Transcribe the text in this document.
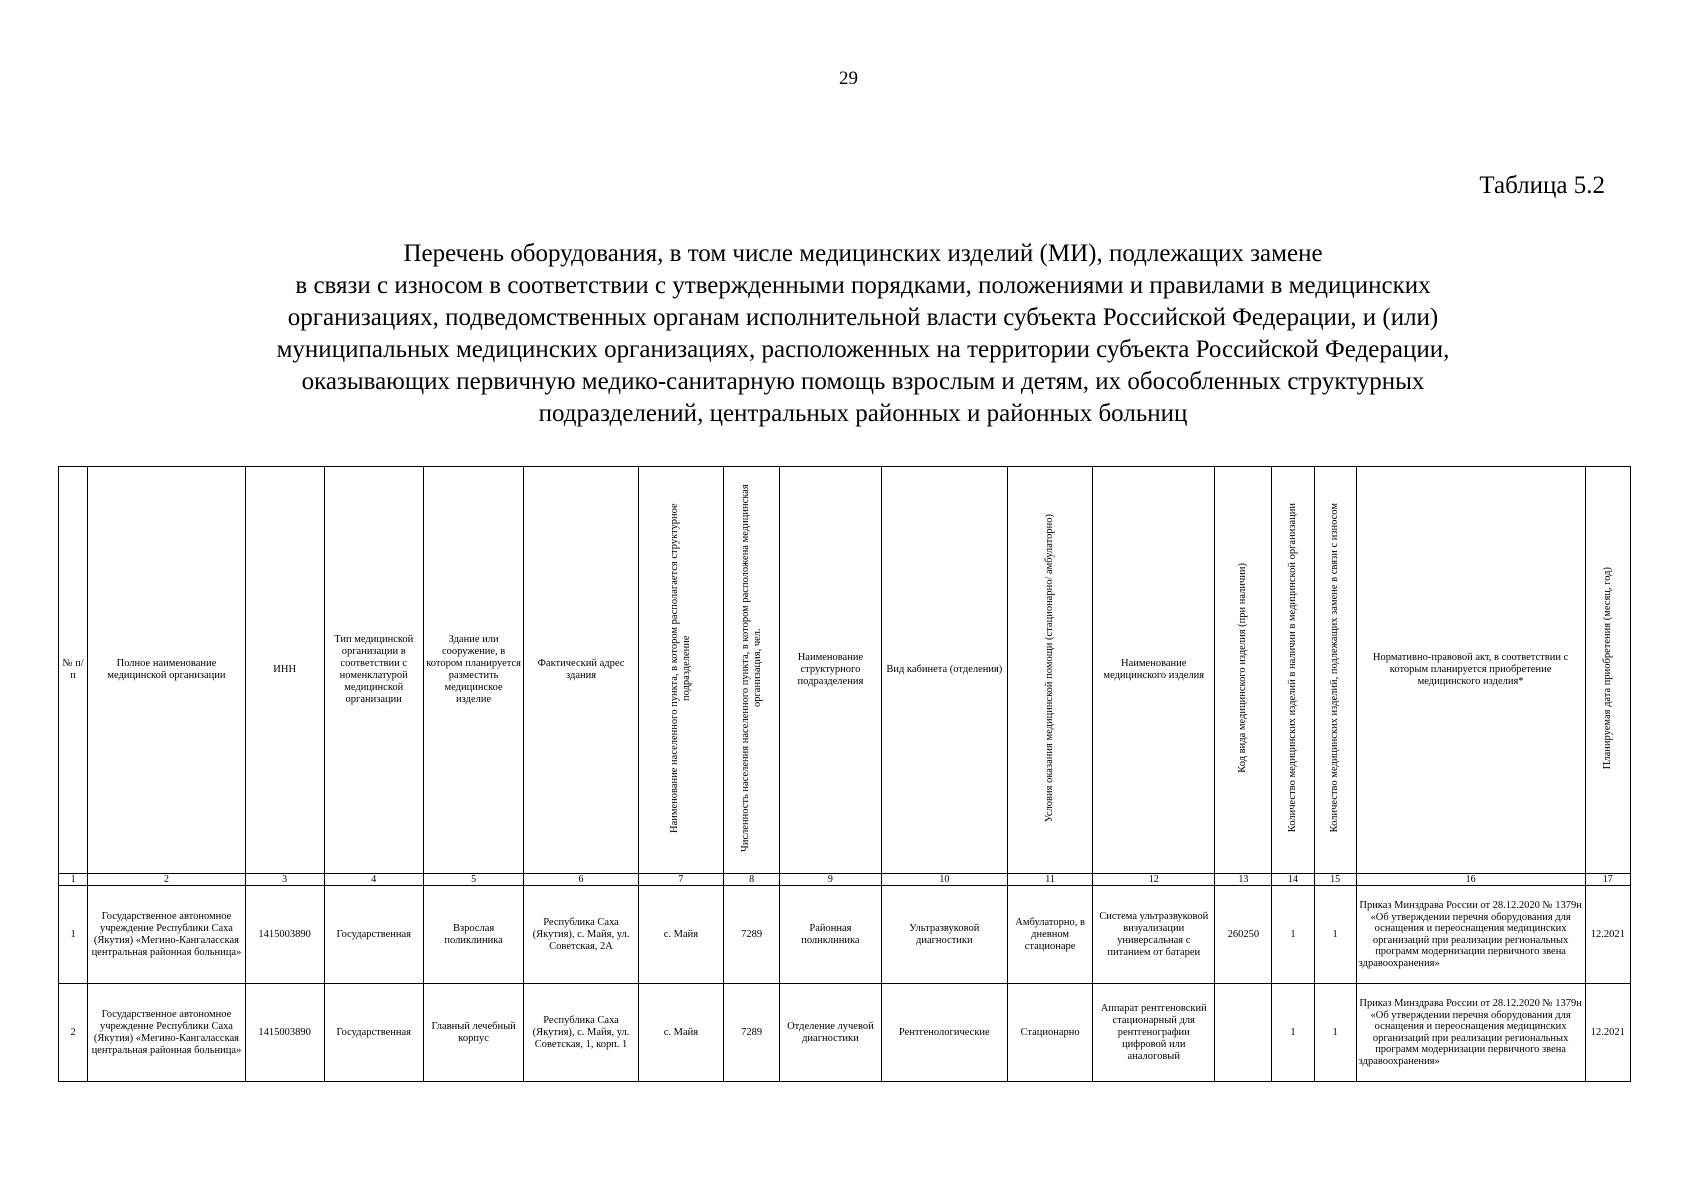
29
Таблица 5.2
Перечень оборудования, в том числе медицинских изделий (МИ), подлежащих замене
в связи с износом в соответствии с утвержденными порядками, положениями и правилами в медицинских
организациях, подведомственных органам исполнительной власти субъекта Российской Федерации, и (или)
муниципальных медицинских организациях, расположенных на территории субъекта Российской Федерации,
оказывающих первичную медико-санитарную помощь взрослым и детям, их обособленных структурных
подразделений, центральных районных и районных больниц
№ п/п	Полное наименование медицинской организации	ИНН	Тип медицинской организации в соответствии с номенклатурой медицинской организации	Здание или сооружение, в котором планируется разместить медицинское изделие	Фактический адрес здания	Наименование населенного пункта, в котором располагается структурное подразделение	Численность населения населенного пункта, в котором расположена медицинская организация, чел.	Наименование структурного подразделения	Вид кабинета (отделения)	Условия оказания медицинской помощи (стационарно/ амбулаторно)	Наименование медицинского изделия	Код вида медицинского изделия (при наличии)	Количество медицинских изделий в наличии в медицинской организации	Количество медицинских изделий, подлежащих замене в связи с износом	Нормативно-правовой акт, в соответствии с которым планируется приобретение медицинского изделия*	Планируемая дата приобретения (месяц, год)
1	2	3	4	5	6	7	8	9	10	11	12	13	14	15	16	17
1	Государственное автономное учреждение Республики Саха (Якутия) «Мегино-Кангаласская центральная районная больница»	1415003890	Государственная	Взрослая поликлиника	Республика Саха (Якутия), с. Майя, ул. Советская, 2А	с. Майя	7289	Районная поликлиника	Ультразвуковой диагностики	Амбулаторно, в дневном стационаре	Система ультразвуковой визуализации универсальная с питанием от батареи	260250	1	1	Приказ Минздрава России от 28.12.2020 № 1379н «Об утверждении перечня оборудования для оснащения и переоснащения медицинских организаций при реализации региональных программ модернизации первичного звена здравоохранения»	12.2021
2	Государственное автономное учреждение Республики Саха (Якутия) «Мегино-Кангаласская центральная районная больница»	1415003890	Государственная	Главный лечебный корпус	Республика Саха (Якутия), с. Майя, ул. Советская, 1, корп. 1	с. Майя	7289	Отделение лучевой диагностики	Рентгенологические	Стационарно	Аппарат рентгеновский стационарный для рентгенографии цифровой или аналоговый		1	1	Приказ Минздрава России от 28.12.2020 № 1379н «Об утверждении перечня оборудования для оснащения и переоснащения медицинских организаций при реализации региональных программ модернизации первичного звена здравоохранения»	12.2021
